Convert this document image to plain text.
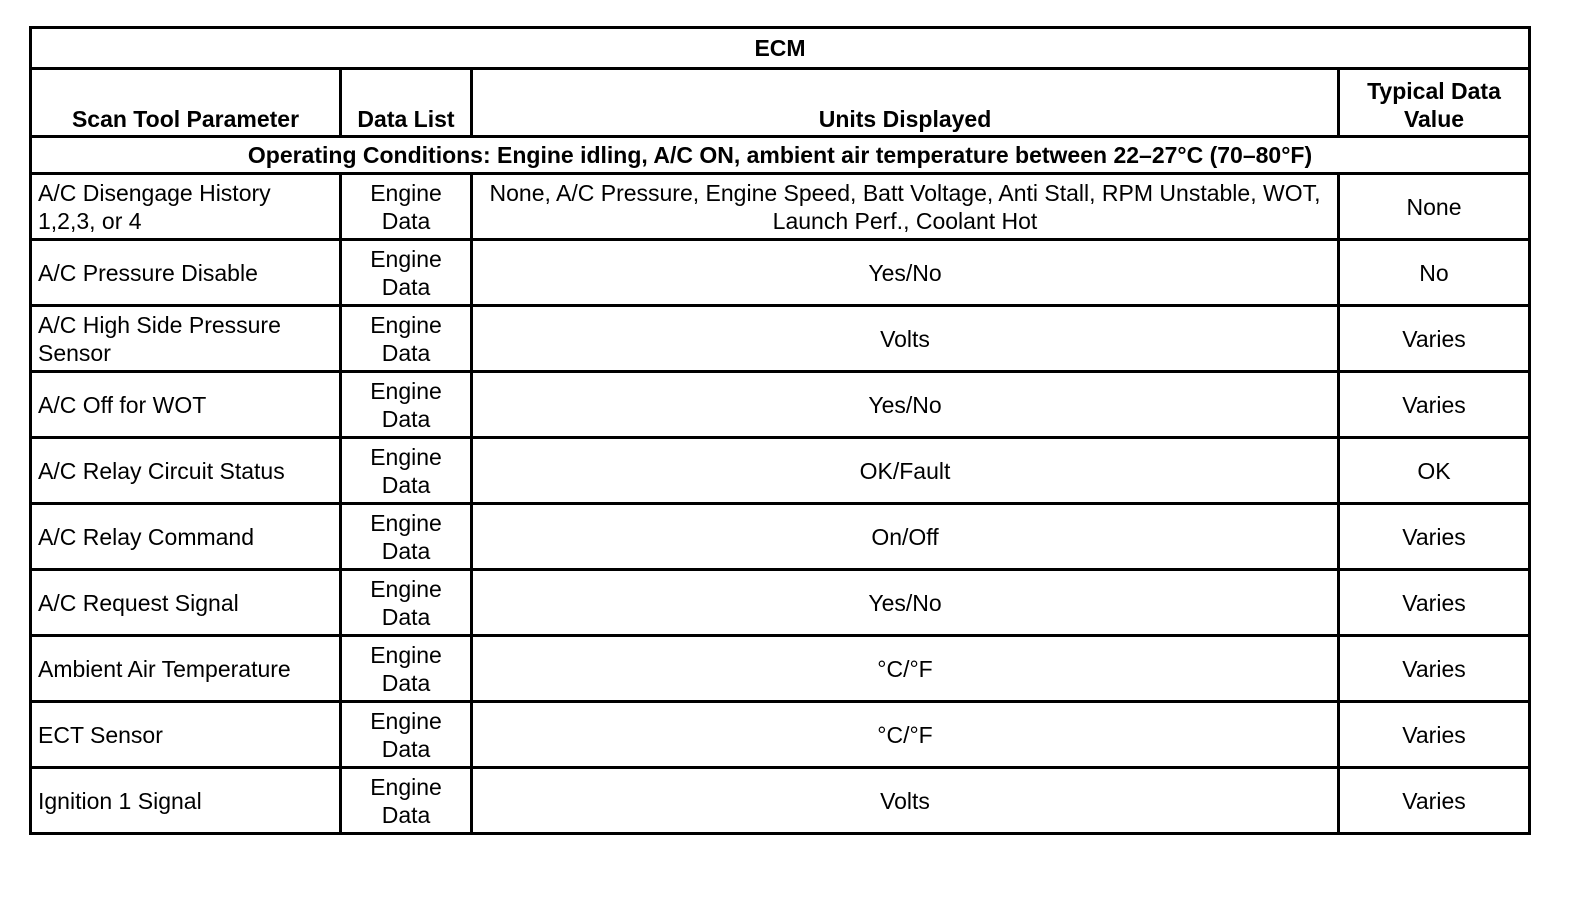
ECM			
Scan Tool Parameter	Data List	Units Displayed	Typical Data Value
Operating Conditions: Engine idling, A/C ON, ambient air temperature between 22–27°C (70–80°F)			
A/C Disengage History 1,2,3, or 4	Engine Data	None, A/C Pressure, Engine Speed, Batt Voltage, Anti Stall, RPM Unstable, WOT, Launch Perf., Coolant Hot	None
A/C Pressure Disable	Engine Data	Yes/No	No
A/C High Side Pressure Sensor	Engine Data	Volts	Varies
A/C Off for WOT	Engine Data	Yes/No	Varies
A/C Relay Circuit Status	Engine Data	OK/Fault	OK
A/C Relay Command	Engine Data	On/Off	Varies
A/C Request Signal	Engine Data	Yes/No	Varies
Ambient Air Temperature	Engine Data	°C/°F	Varies
ECT Sensor	Engine Data	°C/°F	Varies
Ignition 1 Signal	Engine Data	Volts	Varies
